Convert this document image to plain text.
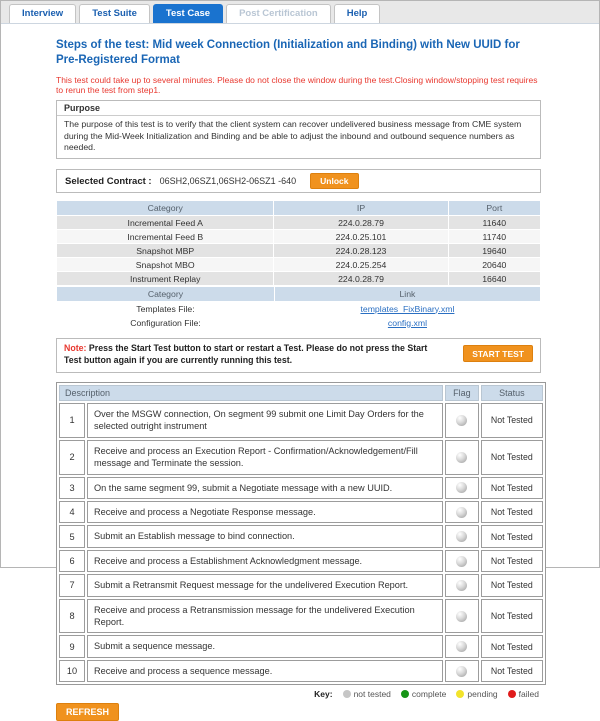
Interview	Test Suite	Test Case	Post Certification	Help
Steps of the test: Mid week Connection (Initialization and Binding) with New UUID for Pre-Registered Format
This test could take up to several minutes. Please do not close the window during the test.Closing window/stopping test requires to rerun the test from step1.
Purpose
The purpose of this test is to verify that the client system can recover undelivered business message from CME system during the Mid-Week Initialization and Binding and be able to adjust the inbound and outbound sequence numbers as needed.
Selected Contract : 06SH2,06SZ1,06SH2-06SZ1 -640	Unlock
Category	IP	Port
Incremental Feed A	224.0.28.79	11640
Incremental Feed B	224.0.25.101	11740
Snapshot MBP	224.0.28.123	19640
Snapshot MBO	224.0.25.254	20640
Instrument Replay	224.0.28.79	16640
Category	Link
Templates File:	templates_FixBinary.xml
Configuration File:	config.xml
Note: Press the Start Test button to start or restart a Test. Please do not press the Start Test button again if you are currently running this test.
START TEST
Description		Flag	Status
1	Over the MSGW connection, On segment 99 submit one Limit Day Orders for the selected outright instrument		Not Tested
2	Receive and process an Execution Report - Confirmation/Acknowledgement/Fill message and Terminate the session.		Not Tested
3	On the same segment 99, submit a Negotiate message with a new UUID.		Not Tested
4	Receive and process a Negotiate Response message.		Not Tested
5	Submit an Establish message to bind connection.		Not Tested
6	Receive and process a Establishment Acknowledgment message.		Not Tested
7	Submit a Retransmit Request message for the undelivered Execution Report.		Not Tested
8	Receive and process a Retransmission message for the undelivered Execution Report.		Not Tested
9	Submit a sequence message.		Not Tested
10	Receive and process a sequence message.		Not Tested
Key: not tested complete pending failed
REFRESH
